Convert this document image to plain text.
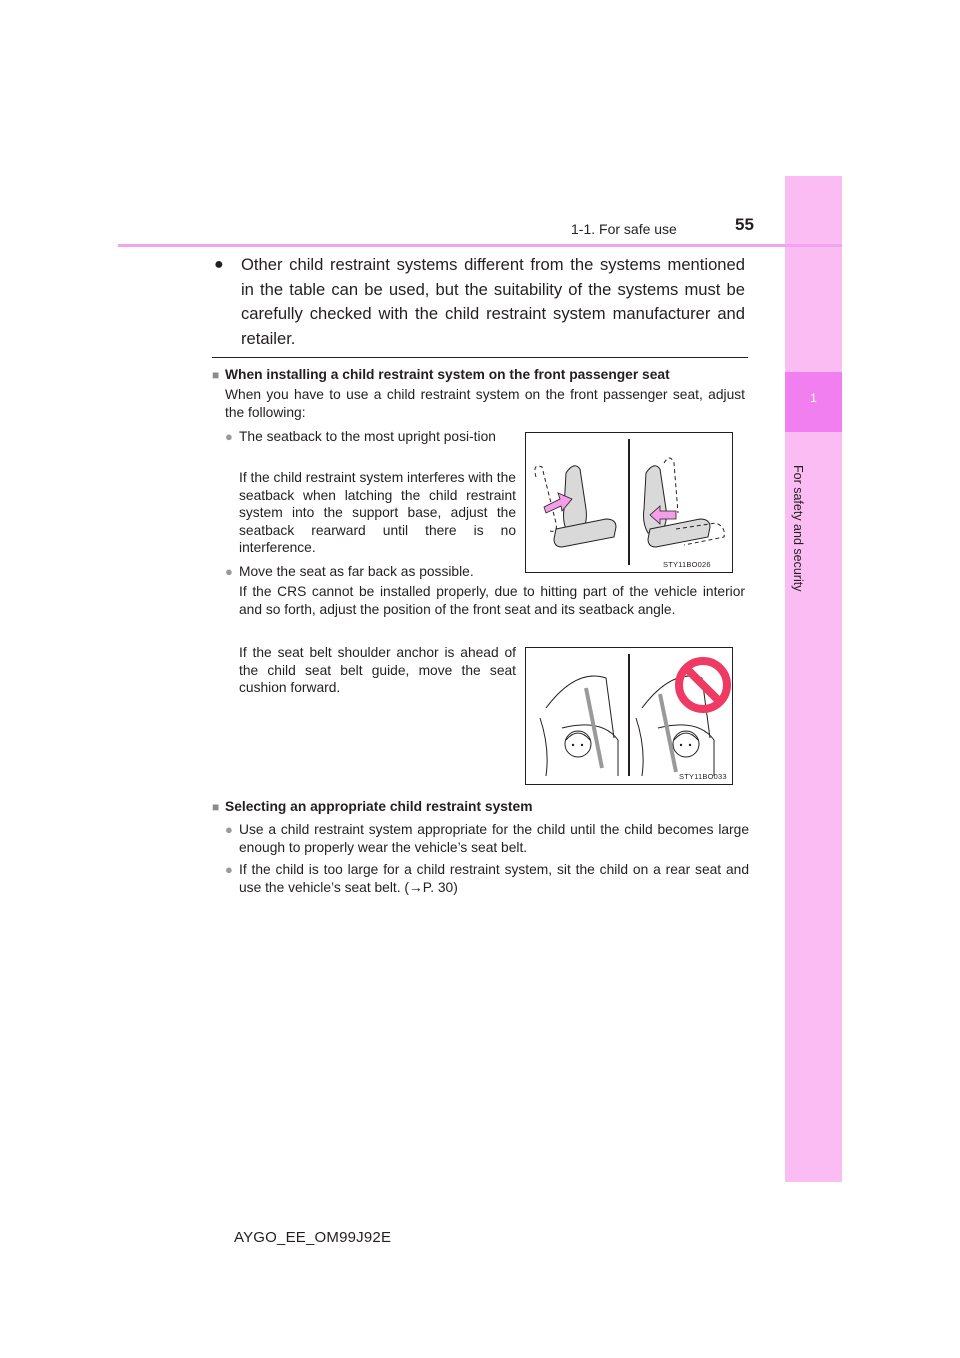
1
For safety and security
1-1. For safe use	55
● Other child restraint systems different from the systems mentioned in the table can be used, but the suitability of the systems must be carefully checked with the child restraint system manufacturer and retailer.
■ When installing a child restraint system on the front passenger seat
When you have to use a child restraint system on the front passenger seat, adjust the following:
● The seatback to the most upright posi-tion
If the child restraint system interferes with the seatback when latching the child restraint system into the support base, adjust the seatback rearward until there is no interference.
● Move the seat as far back as possible.
If the CRS cannot be installed properly, due to hitting part of the vehicle interior and so forth, adjust the position of the front seat and its seatback angle.
If the seat belt shoulder anchor is ahead of the child seat belt guide, move the seat cushion forward.
STY11BO026
STY11BO033
■ Selecting an appropriate child restraint system
● Use a child restraint system appropriate for the child until the child becomes large enough to properly wear the vehicle’s seat belt.
● If the child is too large for a child restraint system, sit the child on a rear seat and use the vehicle’s seat belt. (→P. 30)
AYGO_EE_OM99J92E
